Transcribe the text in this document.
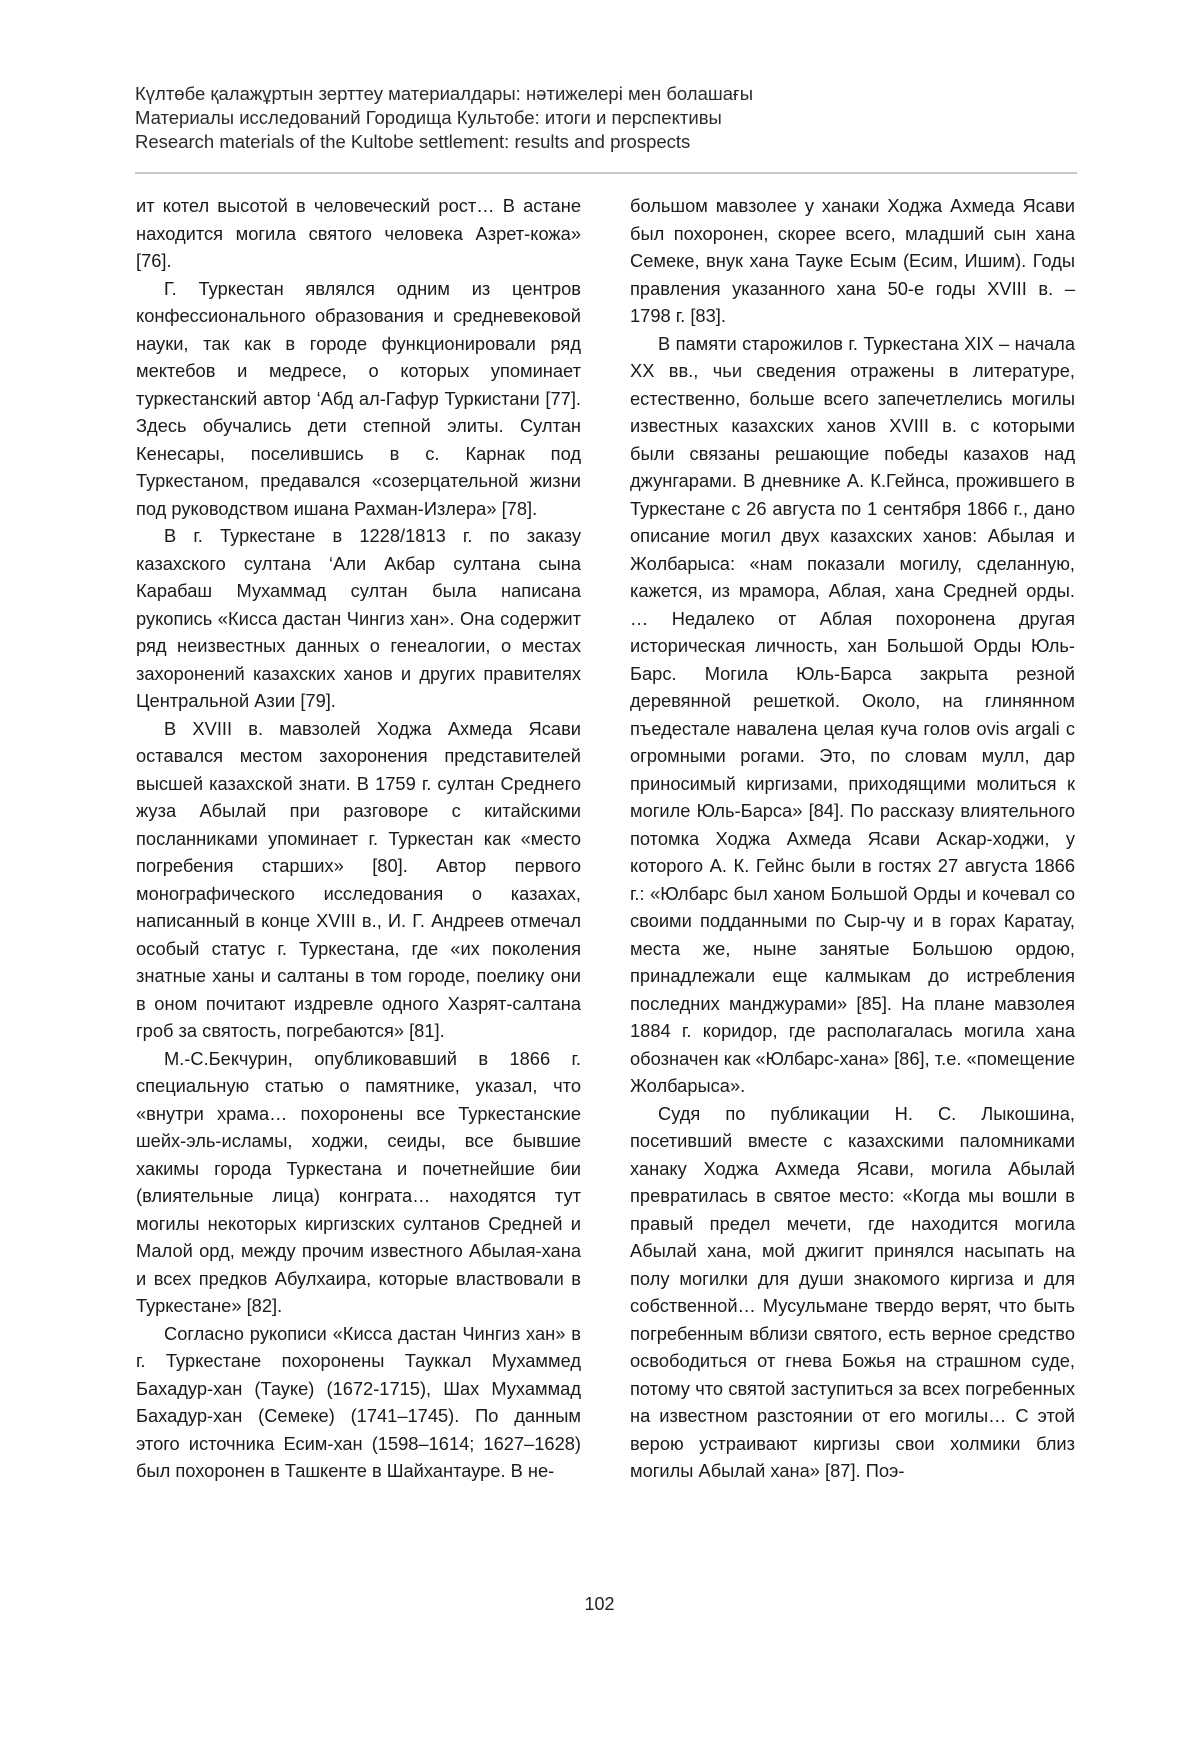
Күлтөбе қалажұртын зерттеу материалдары: нәтижелері мен болашағы
Материалы исследований Городища Культобе: итоги и перспективы
Research materials of the Kultobe settlement: results and prospects

ит котел высотой в человеческий рост… В астане находится могила святого человека Азрет-кожа» [76].

Г. Туркестан являлся одним из центров конфессионального образования и средневековой науки, так как в городе функционировали ряд мектебов и медресе, о которых упоминает туркестанский автор ‘Абд ал-Гафур Туркистани [77]. Здесь обучались дети степной элиты. Султан Кенесары, поселившись в с. Карнак под Туркестаном, предавался «созерцательной жизни под руководством ишана Рахман-Излера» [78].

В г. Туркестане в 1228/1813 г. по заказу казахского султана ‘Али Акбар султана сына Карабаш Мухаммад султан была написана рукопись «Кисса дастан Чингиз хан». Она содержит ряд неизвестных данных о генеалогии, о местах захоронений казахских ханов и других правителях Центральной Азии [79].

В XVIII в. мавзолей Ходжа Ахмеда Ясави оставался местом захоронения представителей высшей казахской знати. В 1759 г. султан Среднего жуза Абылай при разговоре с китайскими посланниками упоминает г. Туркестан как «место погребения старших» [80]. Автор первого монографического исследования о казахах, написанный в конце XVIII в., И. Г. Андреев отмечал особый статус г. Туркестана, где «их поколения знатные ханы и салтаны в том городе, поелику они в оном почитают издревле одного Хазрят-салтана гроб за святость, погребаются» [81].

М.-С.Бекчурин, опубликовавший в 1866 г. специальную статью о памятнике, указал, что «внутри храма… похоронены все Туркестанские шейх-эль-исламы, ходжи, сеиды, все бывшие хакимы города Туркестана и почетнейшие бии (влиятельные лица) конграта… находятся тут могилы некоторых киргизских султанов Средней и Малой орд, между прочим известного Абылая-хана и всех предков Абулхаира, которые властвовали в Туркестане» [82].

Согласно рукописи «Кисса дастан Чингиз хан» в г. Туркестане похоронены Тауккал Мухаммед Бахадур-хан (Тауке) (1672-1715), Шах Мухаммад Бахадур-хан (Семеке) (1741–1745). По данным этого источника Есим-хан (1598–1614; 1627–1628) был похоронен в Ташкенте в Шайхантауре. В не-

большом мавзолее у ханаки Ходжа Ахмеда Ясави был похоронен, скорее всего, младший сын хана Семеке, внук хана Тауке Есым (Есим, Ишим). Годы правления указанного хана 50-е годы XVIII в. – 1798 г. [83].

В памяти старожилов г. Туркестана XIX – начала XX вв., чьи сведения отражены в литературе, естественно, больше всего запечетлелись могилы известных казахских ханов XVIII в. с которыми были связаны решающие победы казахов над джунгарами. В дневнике А. К.Гейнса, прожившего в Туркестане с 26 августа по 1 сентября 1866 г., дано описание могил двух казахских ханов: Абылая и Жолбарыса: «нам показали могилу, сделанную, кажется, из мрамора, Аблая, хана Средней орды. … Недалеко от Аблая похоронена другая историческая личность, хан Большой Орды Юль-Барс. Могила Юль-Барса закрыта резной деревянной решеткой. Около, на глинянном пъедестале навалена целая куча голов ovis argali с огромными рогами. Это, по словам мулл, дар приносимый киргизами, приходящими молиться к могиле Юль-Барса» [84]. По рассказу влиятельного потомка Ходжа Ахмеда Ясави Аскар-ходжи, у которого А. К. Гейнс были в гостях 27 августа 1866 г.: «Юлбарс был ханом Большой Орды и кочевал со своими подданными по Сыр-чу и в горах Каратау, места же, ныне занятые Большою ордою, принадлежали еще калмыкам до истребления последних манджурами» [85]. На плане мавзолея 1884 г. коридор, где располагалась могила хана обозначен как «Юлбарс-хана» [86], т.е. «помещение Жолбарыса».

Судя по публикации Н. С. Лыкошина, посетивший вместе с казахскими паломниками ханаку Ходжа Ахмеда Ясави, могила Абылай превратилась в святое место: «Когда мы вошли в правый предел мечети, где находится могила Абылай хана, мой джигит принялся насыпать на полу могилки для души знакомого киргиза и для собственной… Мусульмане твердо верят, что быть погребенным вблизи святого, есть верное средство освободиться от гнева Божья на страшном суде, потому что святой заступиться за всех погребенных на известном разстоянии от его могилы… С этой верою устраивают киргизы свои холмики близ могилы Абылай хана» [87]. Поэ-

102
